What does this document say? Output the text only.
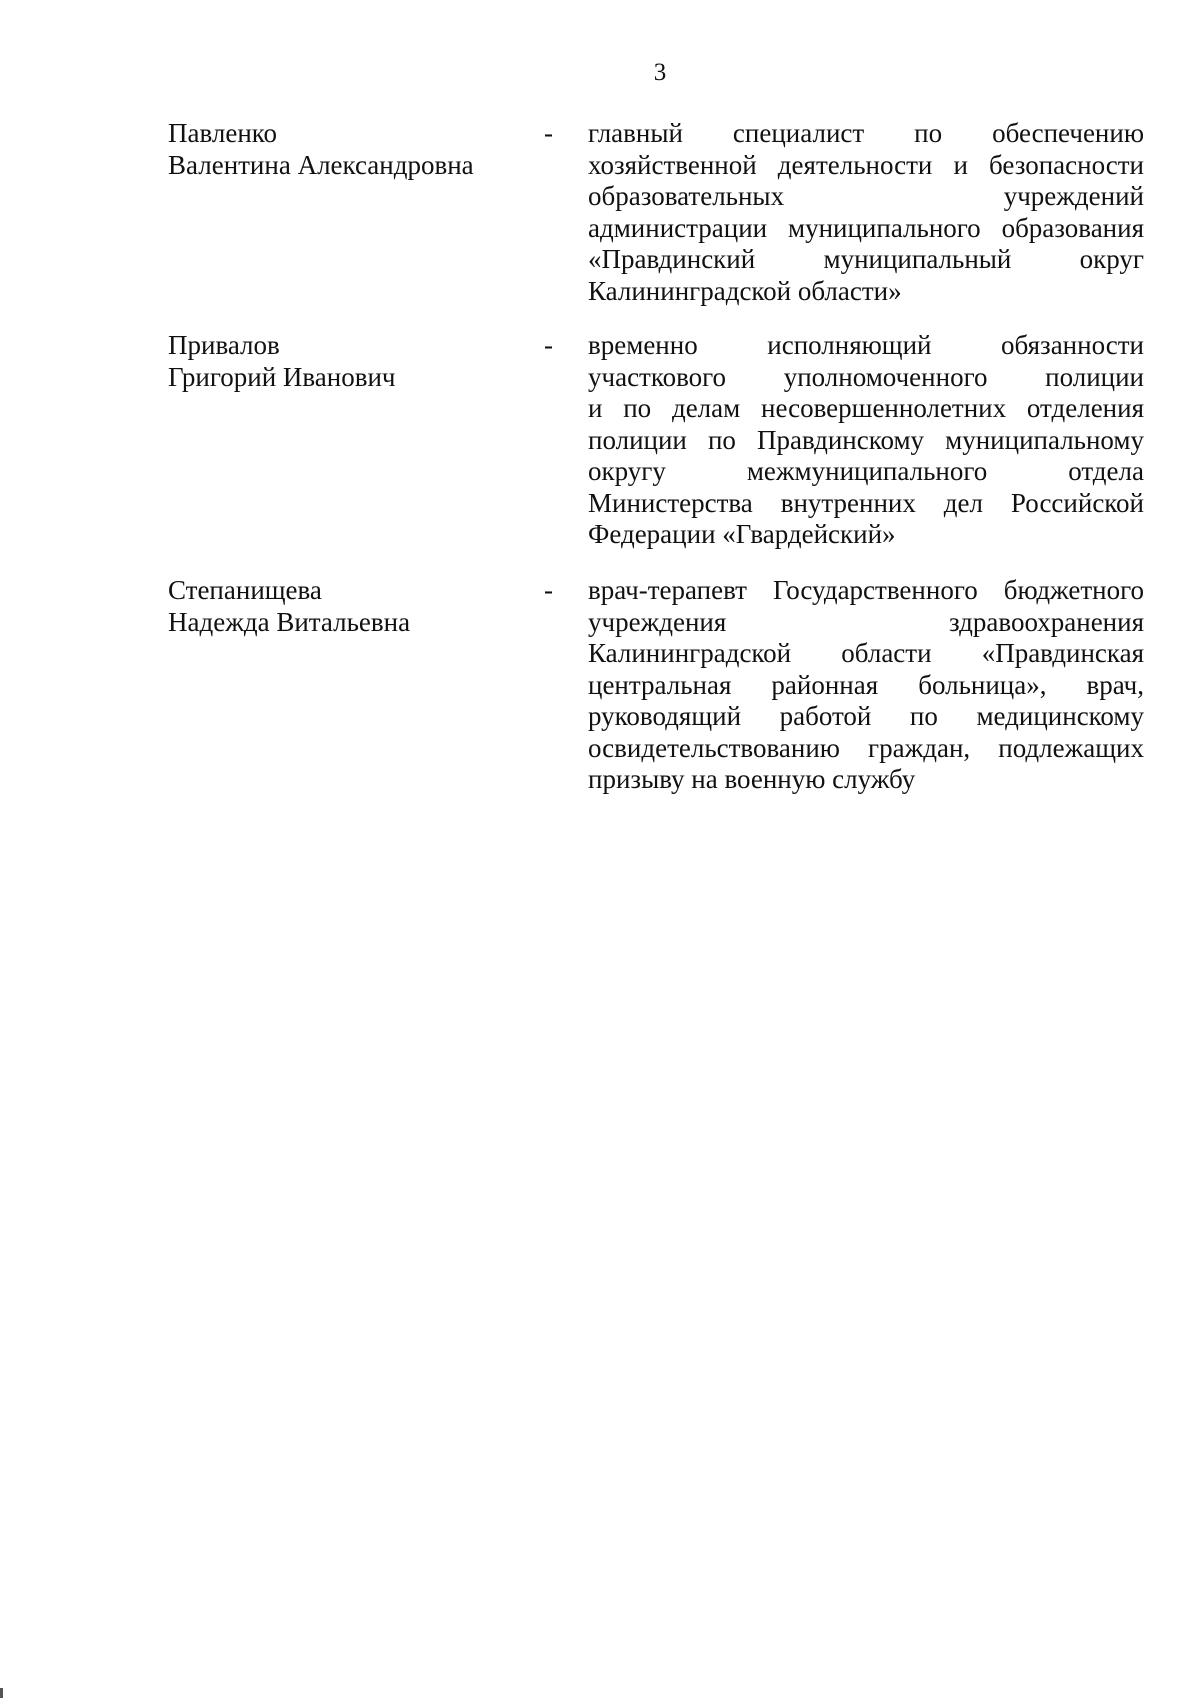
3
Павленко
Валентина Александровна
- главный специалист по обеспечению
хозяйственной деятельности и безопасности
образовательных учреждений
администрации муниципального образования
«Правдинский муниципальный округ
Калининградской области»
Привалов
Григорий Иванович
- временно исполняющий обязанности
участкового уполномоченного полиции
и по делам несовершеннолетних отделения
полиции по Правдинскому муниципальному
округу межмуниципального отдела
Министерства внутренних дел Российской
Федерации «Гвардейский»
Степанищева
Надежда Витальевна
- врач-терапевт Государственного бюджетного
учреждения здравоохранения
Калининградской области «Правдинская
центральная районная больница», врач,
руководящий работой по медицинскому
освидетельствованию граждан, подлежащих
призыву на военную службу
